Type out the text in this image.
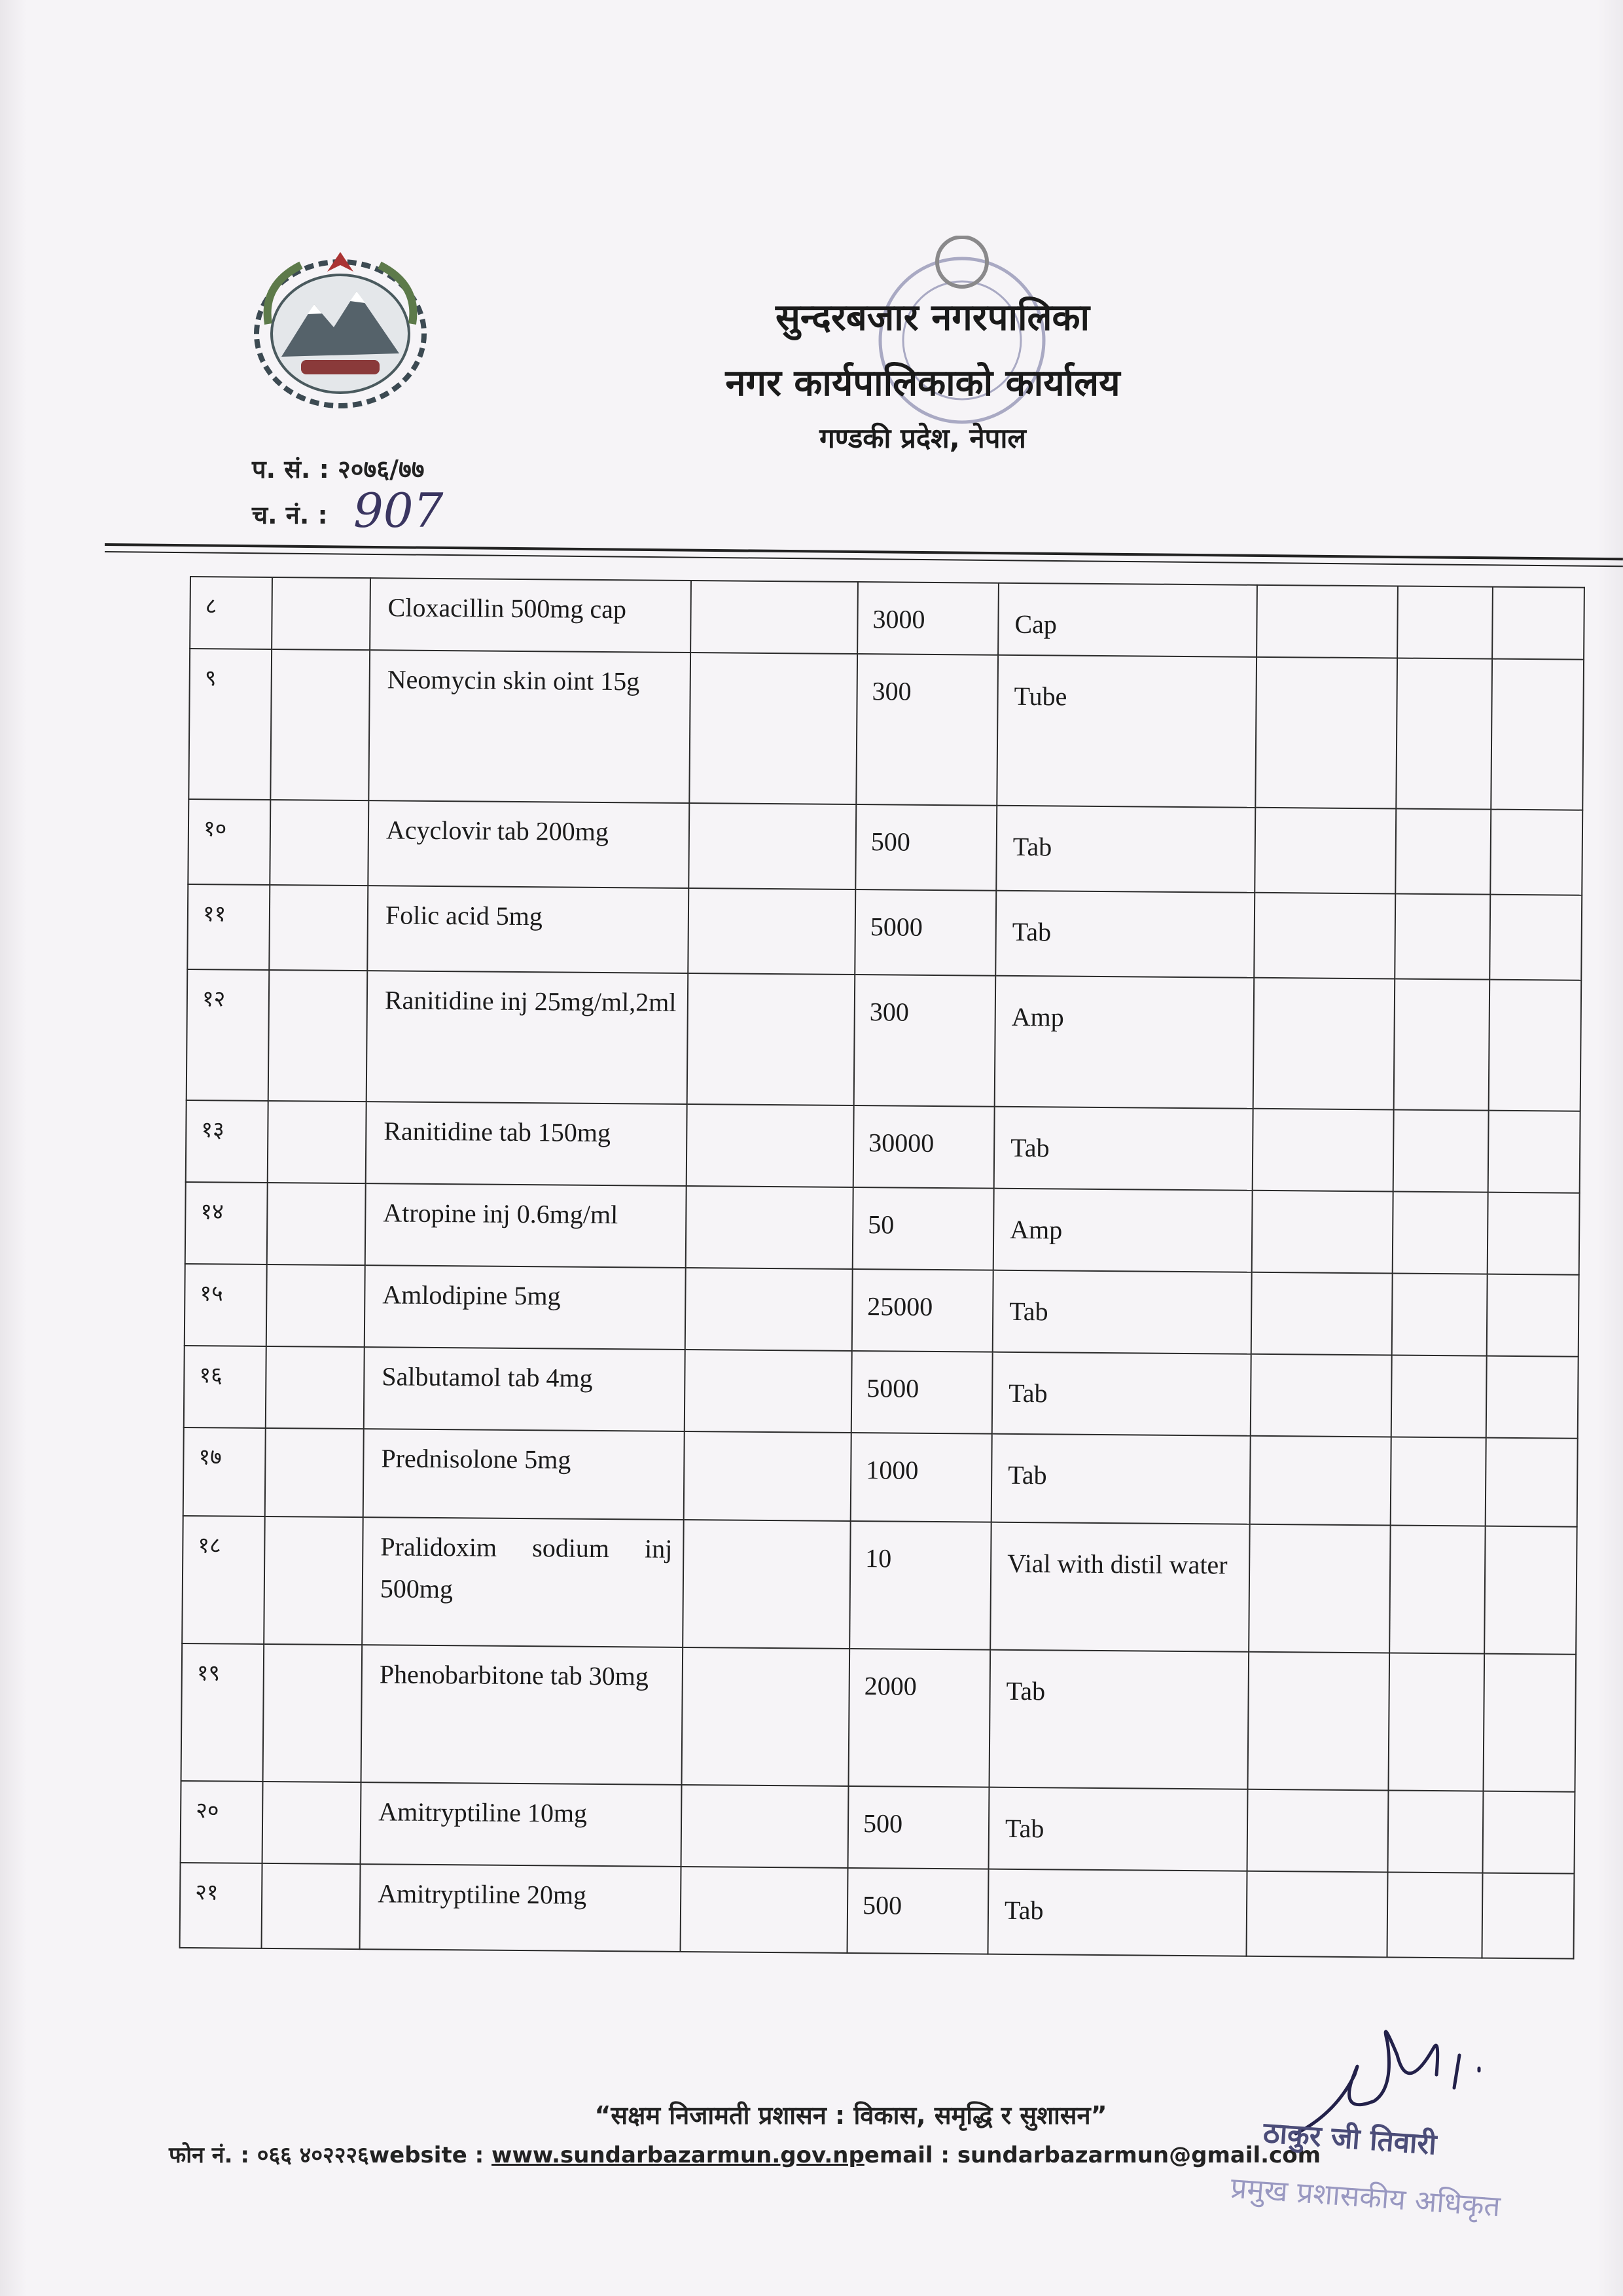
प. सं. : २०७६/७७
च. नं. : 907
सुन्दरबजार नगरपालिका
नगर कार्यपालिकाको कार्यालय
गण्डकी प्रदेश, नेपाल
८		Cloxacillin 500mg cap		3000	Cap			
९		Neomycin skin oint 15g		300	Tube			
१०		Acyclovir tab 200mg		500	Tab			
११		Folic acid 5mg		5000	Tab			
१२		Ranitidine inj 25mg/ml,2ml		300	Amp			
१३		Ranitidine tab 150mg		30000	Tab			
१४		Atropine inj 0.6mg/ml		50	Amp			
१५		Amlodipine 5mg		25000	Tab			
१६		Salbutamol tab 4mg		5000	Tab			
१७		Prednisolone 5mg		1000	Tab			
१८		Pralidoxim sodium inj 500mg		10	Vial with distil water			
१९		Phenobarbitone tab 30mg		2000	Tab			
२०		Amitryptiline 10mg		500	Tab			
२१		Amitryptiline 20mg		500	Tab			
“सक्षम निजामती प्रशासन : विकास, समृद्धि र सुशासन”
फोन नं. : ०६६ ४०२२२६website : www.sundarbazarmun.gov.npemail : sundarbazarmun@gmail.com
ठाकुर जी तिवारी
प्रमुख प्रशासकीय अधिकृत
